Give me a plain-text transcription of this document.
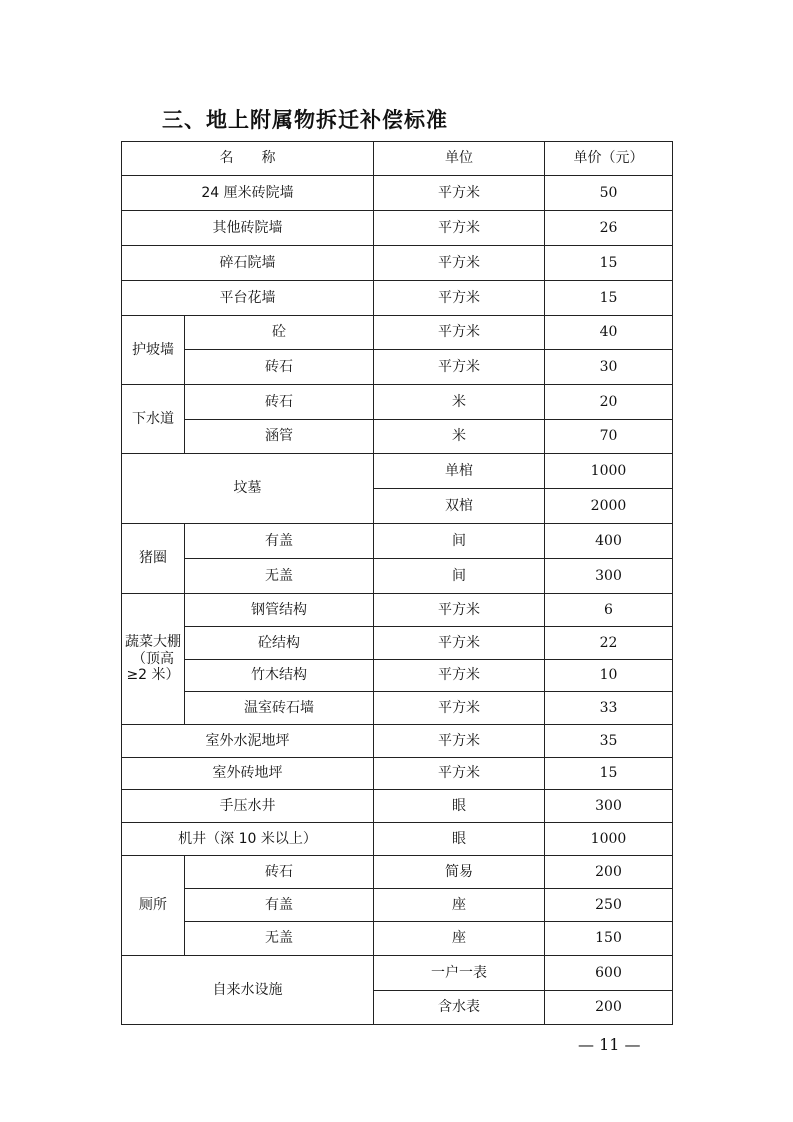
三、地上附属物拆迁补偿标准
名　　称		单位	单价（元）
24 厘米砖院墙		平方米	50
其他砖院墙		平方米	26
碎石院墙		平方米	15
平台花墙		平方米	15
护坡墙	砼	平方米	40
	砖石	平方米	30
下水道	砖石	米	20
	涵管	米	70
坟墓		单棺	1000
		双棺	2000
猪圈	有盖	间	400
	无盖	间	300
蔬菜大棚（顶高≥2 米）	钢管结构	平方米	6
	砼结构	平方米	22
	竹木结构	平方米	10
	温室砖石墙	平方米	33
室外水泥地坪		平方米	35
室外砖地坪		平方米	15
手压水井		眼	300
机井（深 10 米以上）		眼	1000
厕所	砖石	简易	200
	有盖	座	250
	无盖	座	150
自来水设施		一户一表	600
		含水表	200
— 11 —
